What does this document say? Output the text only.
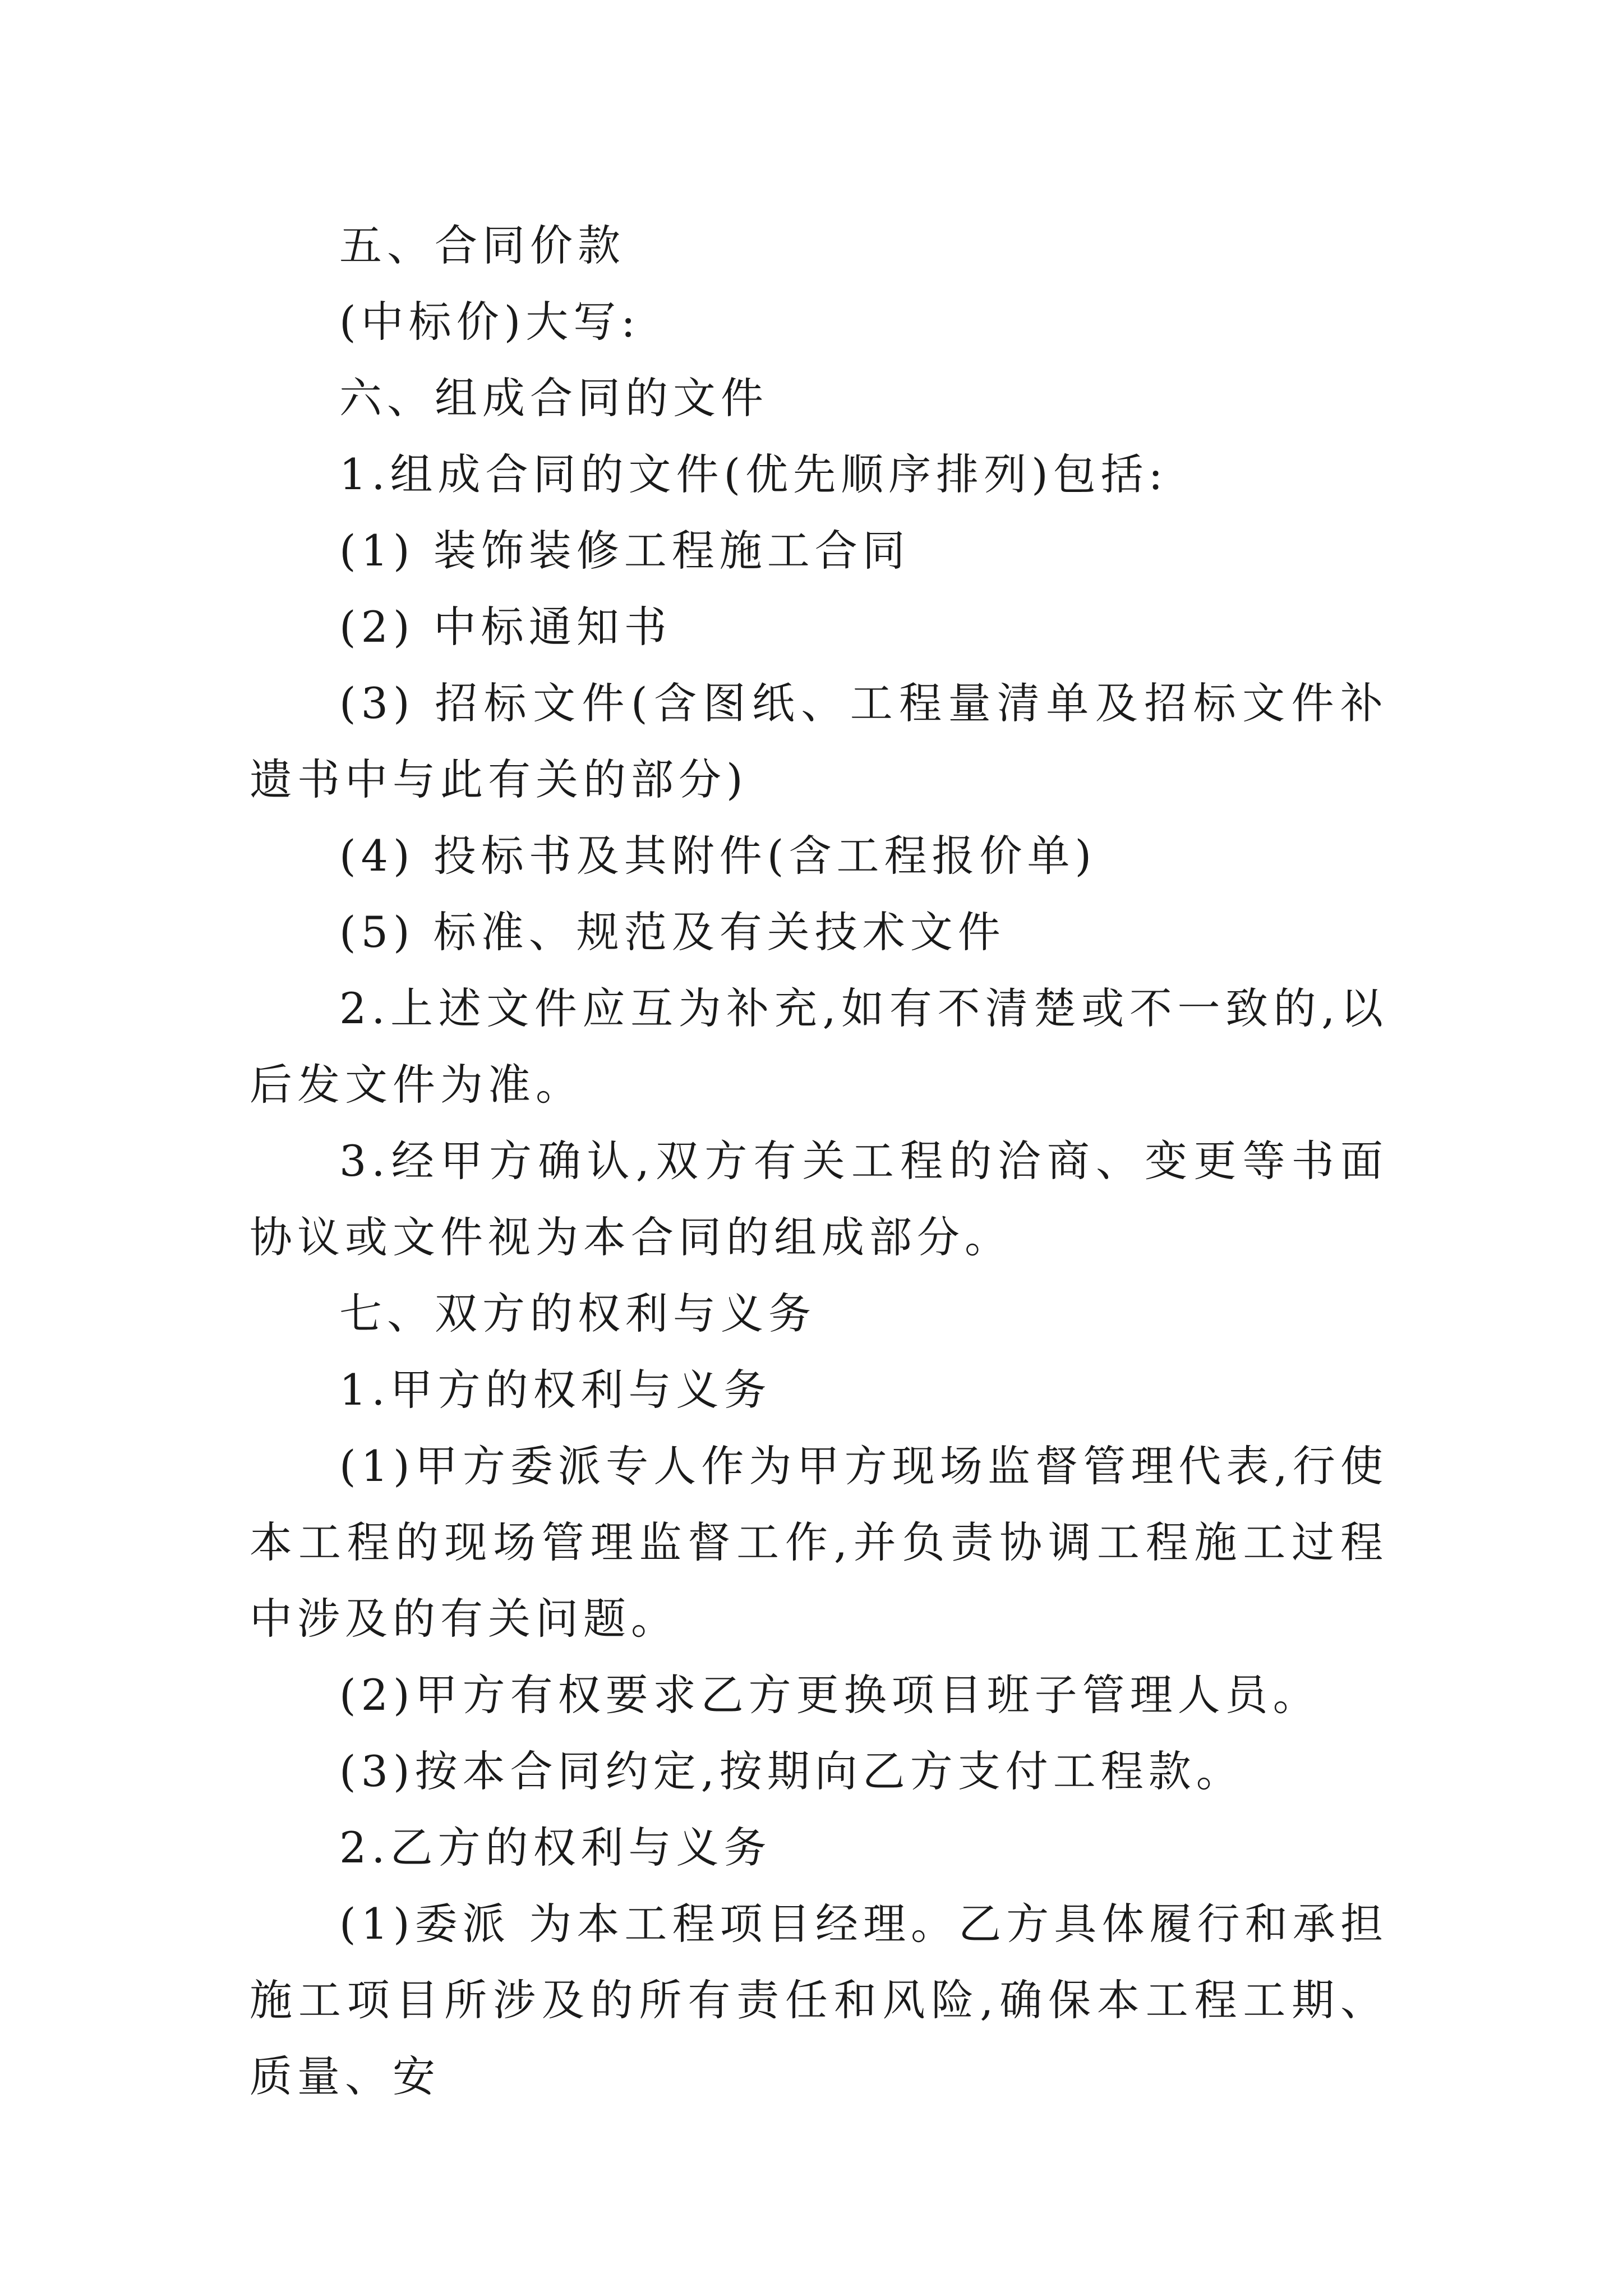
五、合同价款

(中标价)大写:

六、组成合同的文件

1.组成合同的文件(优先顺序排列)包括:

(1) 装饰装修工程施工合同

(2) 中标通知书

(3) 招标文件(含图纸、工程量清单及招标文件补遗书中与此有关的部分)

(4) 投标书及其附件(含工程报价单)

(5) 标准、规范及有关技术文件

2.上述文件应互为补充,如有不清楚或不一致的,以后发文件为准。

3.经甲方确认,双方有关工程的洽商、变更等书面协议或文件视为本合同的组成部分。

七、双方的权利与义务

1.甲方的权利与义务

(1)甲方委派专人作为甲方现场监督管理代表,行使本工程的现场管理监督工作,并负责协调工程施工过程中涉及的有关问题。

(2)甲方有权要求乙方更换项目班子管理人员。

(3)按本合同约定,按期向乙方支付工程款。

2.乙方的权利与义务

(1)委派 为本工程项目经理。乙方具体履行和承担施工项目所涉及的所有责任和风险,确保本工程工期、质量、安
